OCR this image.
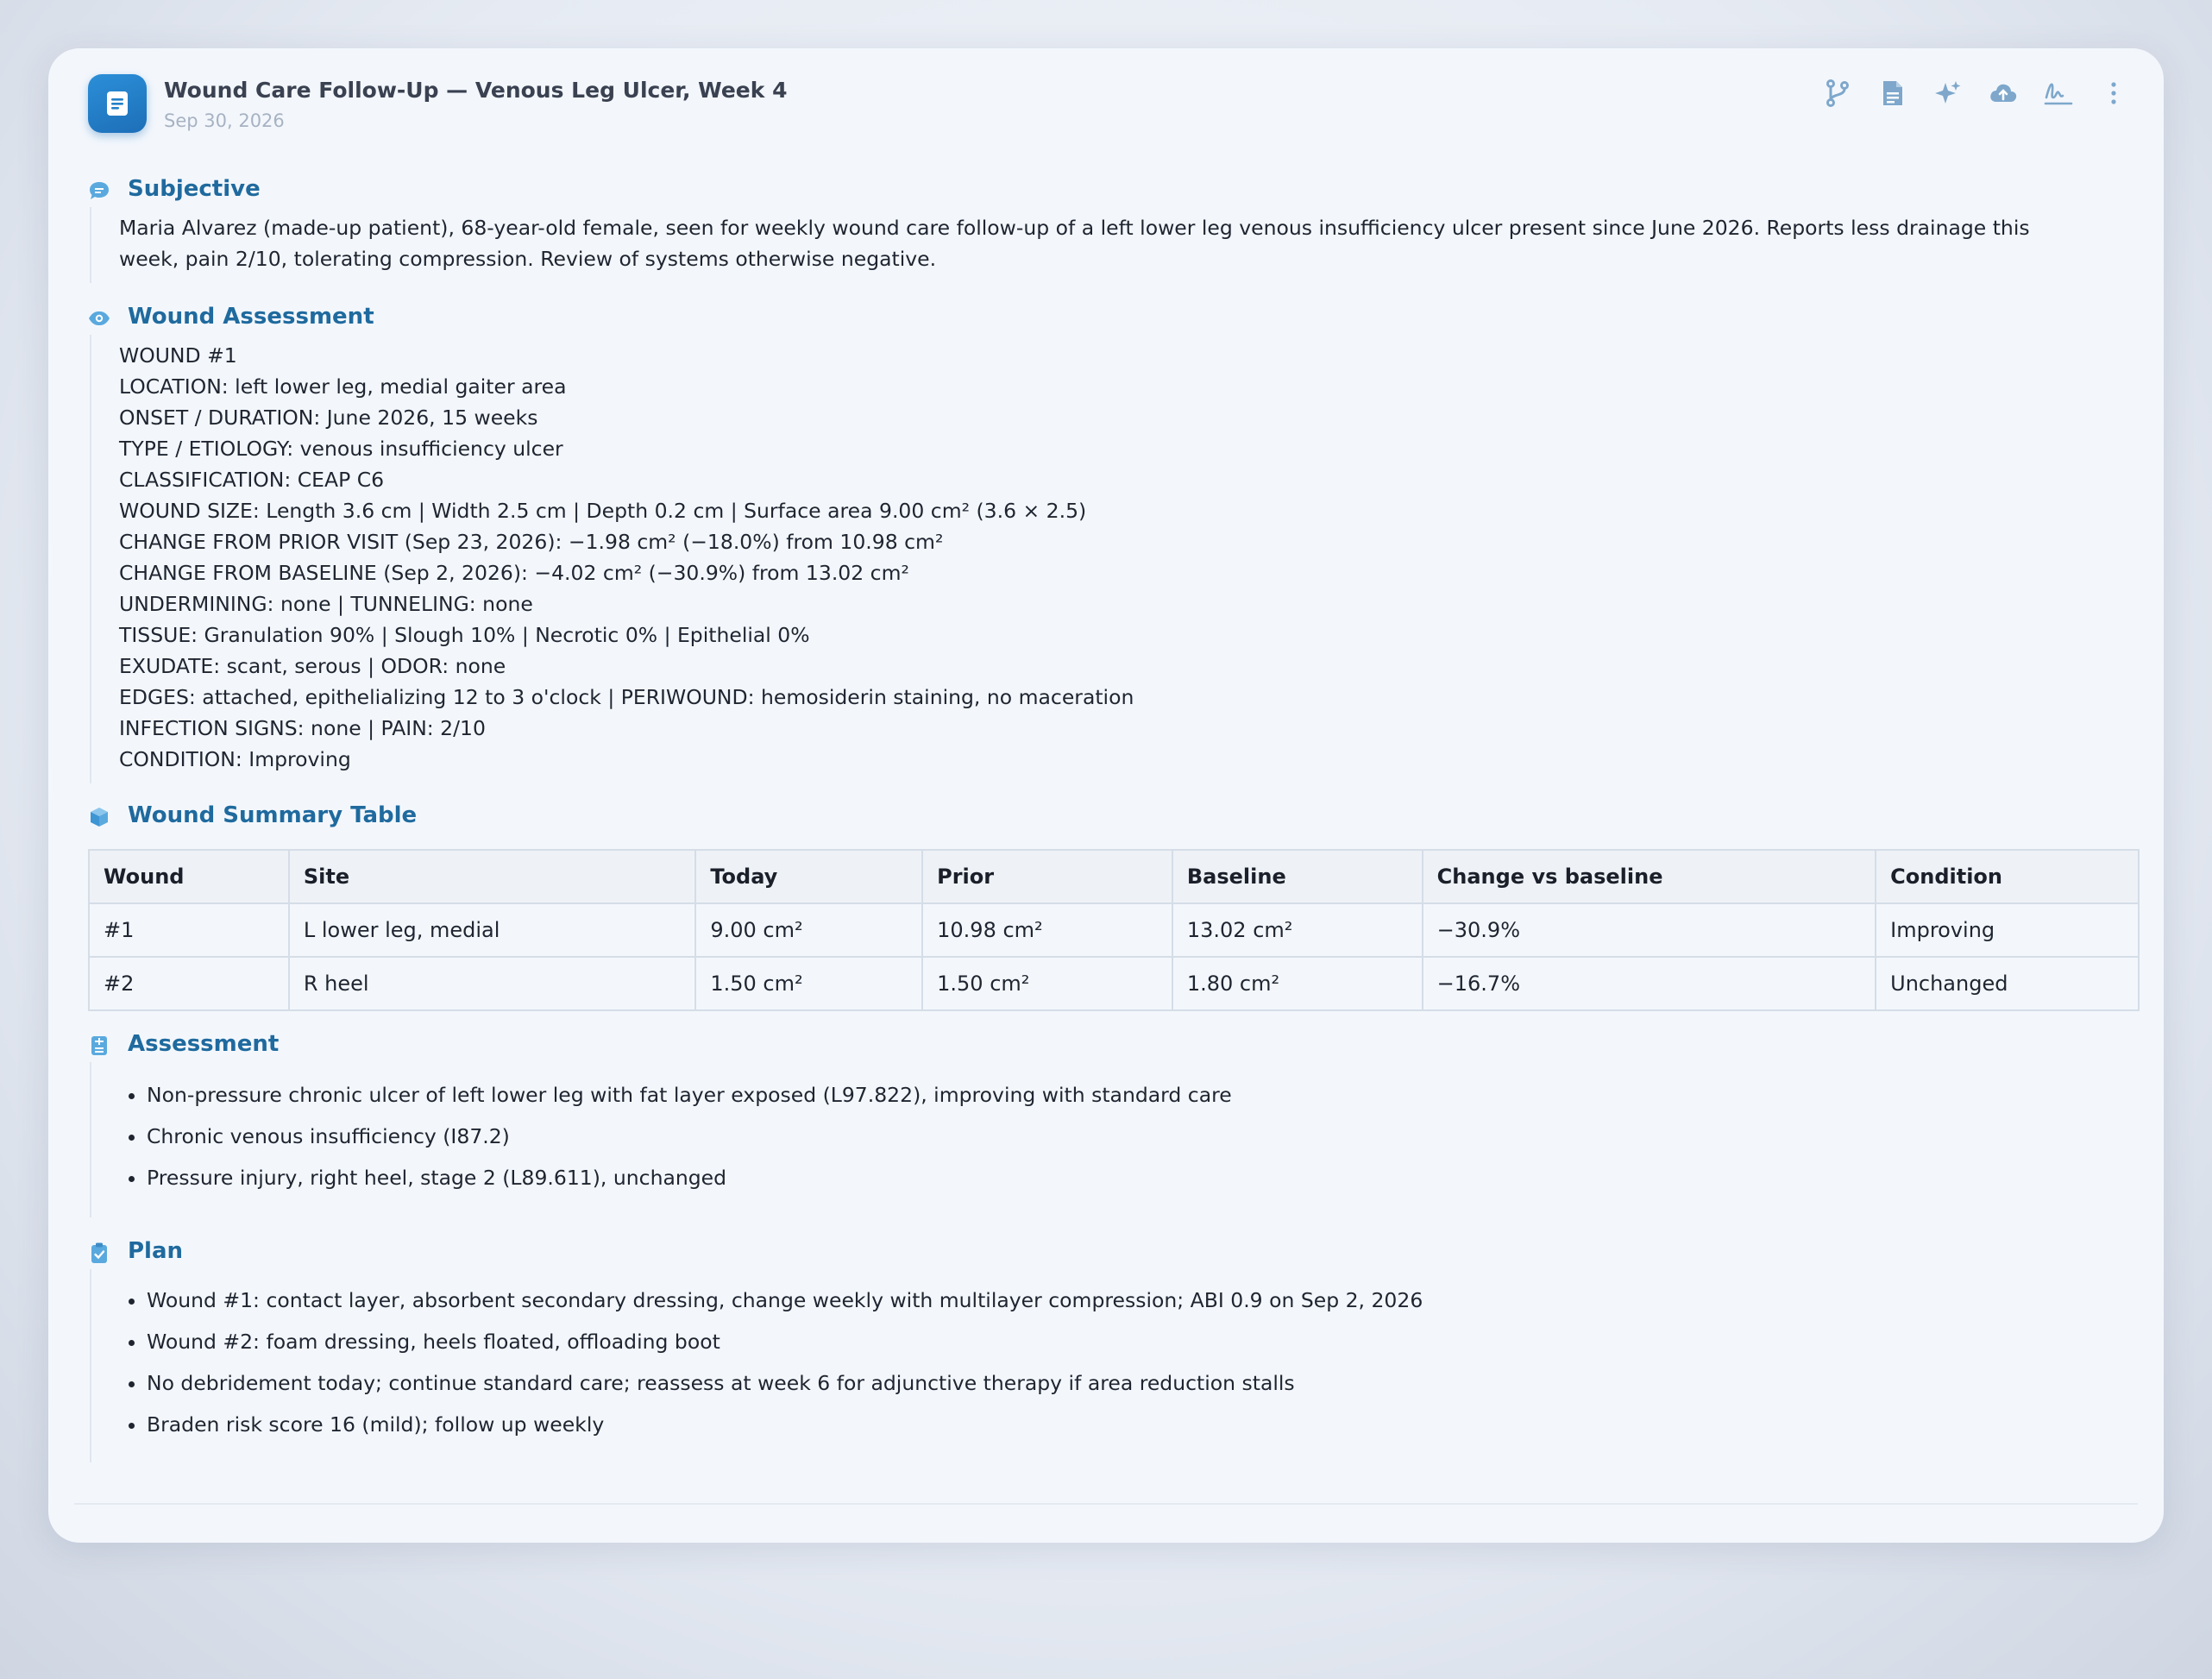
Wound Care Follow-Up — Venous Leg Ulcer, Week 4
Sep 30, 2026
Subjective
Maria Alvarez (made-up patient), 68-year-old female, seen for weekly wound care follow-up of a left lower leg venous insufficiency ulcer present since June 2026. Reports less drainage this
week, pain 2/10, tolerating compression. Review of systems otherwise negative.
Wound Assessment
WOUND #1
LOCATION: left lower leg, medial gaiter area
ONSET / DURATION: June 2026, 15 weeks
TYPE / ETIOLOGY: venous insufficiency ulcer
CLASSIFICATION: CEAP C6
WOUND SIZE: Length 3.6 cm | Width 2.5 cm | Depth 0.2 cm | Surface area 9.00 cm² (3.6 × 2.5)
CHANGE FROM PRIOR VISIT (Sep 23, 2026): −1.98 cm² (−18.0%) from 10.98 cm²
CHANGE FROM BASELINE (Sep 2, 2026): −4.02 cm² (−30.9%) from 13.02 cm²
UNDERMINING: none | TUNNELING: none
TISSUE: Granulation 90% | Slough 10% | Necrotic 0% | Epithelial 0%
EXUDATE: scant, serous | ODOR: none
EDGES: attached, epithelializing 12 to 3 o'clock | PERIWOUND: hemosiderin staining, no maceration
INFECTION SIGNS: none | PAIN: 2/10
CONDITION: Improving
Wound Summary Table
Wound	Site	Today	Prior	Baseline	Change vs baseline	Condition
#1	L lower leg, medial	9.00 cm²	10.98 cm²	13.02 cm²	−30.9%	Improving
#2	R heel	1.50 cm²	1.50 cm²	1.80 cm²	−16.7%	Unchanged
Assessment
• Non-pressure chronic ulcer of left lower leg with fat layer exposed (L97.822), improving with standard care
• Chronic venous insufficiency (I87.2)
• Pressure injury, right heel, stage 2 (L89.611), unchanged
Plan
• Wound #1: contact layer, absorbent secondary dressing, change weekly with multilayer compression; ABI 0.9 on Sep 2, 2026
• Wound #2: foam dressing, heels floated, offloading boot
• No debridement today; continue standard care; reassess at week 6 for adjunctive therapy if area reduction stalls
• Braden risk score 16 (mild); follow up weekly
